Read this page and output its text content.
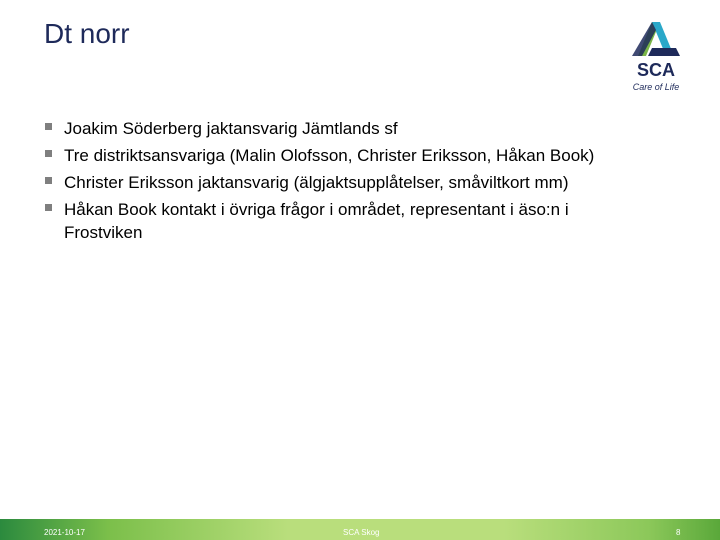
Dt norr
SCA
Care of Life
Joakim Söderberg jaktansvarig Jämtlands sf
Tre distriktsansvariga (Malin Olofsson, Christer Eriksson, Håkan Book)
Christer Eriksson jaktansvarig (älgjaktsupplåtelser, småviltkort mm)
Håkan Book kontakt i övriga frågor i området, representant i äso:n i Frostviken
2021-10-17	SCA Skog	8
